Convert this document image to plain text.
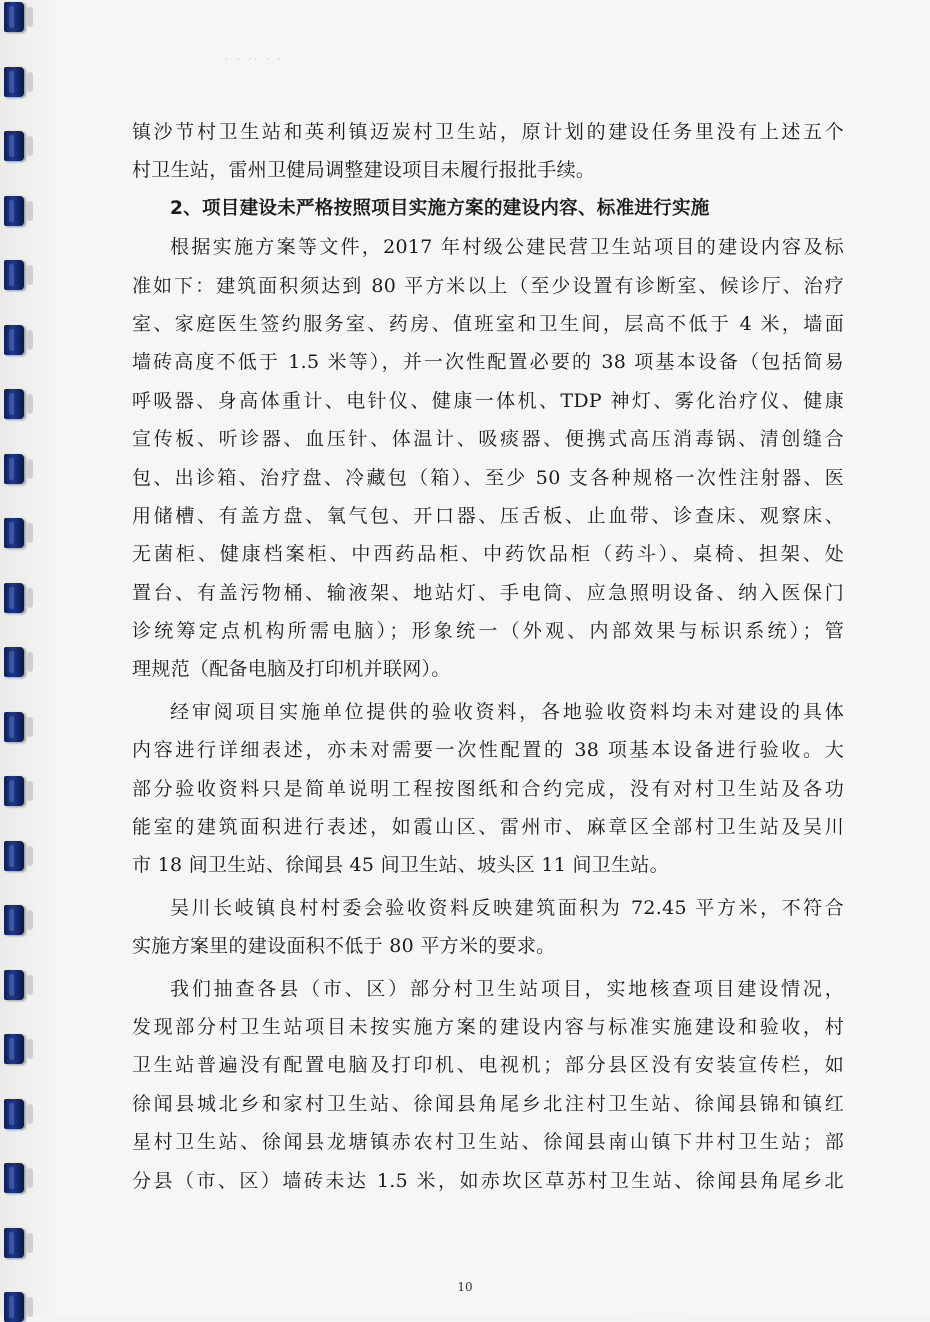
· · ·· · ·
镇沙节村卫生站和英利镇迈炭村卫生站，原计划的建设任务里没有上述五个
村卫生站，雷州卫健局调整建设项目未履行报批手续。
2、项目建设未严格按照项目实施方案的建设内容、标准进行实施
根据实施方案等文件，2017 年村级公建民营卫生站项目的建设内容及标
准如下：建筑面积须达到 80 平方米以上（至少设置有诊断室、候诊厅、治疗
室、家庭医生签约服务室、药房、值班室和卫生间，层高不低于 4 米，墙面
墙砖高度不低于 1.5 米等），并一次性配置必要的 38 项基本设备（包括简易
呼吸器、身高体重计、电针仪、健康一体机、TDP 神灯、雾化治疗仪、健康
宣传板、听诊器、血压针、体温计、吸痰器、便携式高压消毒锅、清创缝合
包、出诊箱、治疗盘、冷藏包（箱）、至少 50 支各种规格一次性注射器、医
用储槽、有盖方盘、氧气包、开口器、压舌板、止血带、诊查床、观察床、
无菌柜、健康档案柜、中西药品柜、中药饮品柜（药斗）、桌椅、担架、处
置台、有盖污物桶、输液架、地站灯、手电筒、应急照明设备、纳入医保门
诊统筹定点机构所需电脑）；形象统一（外观、内部效果与标识系统）；管
理规范（配备电脑及打印机并联网）。
经审阅项目实施单位提供的验收资料，各地验收资料均未对建设的具体
内容进行详细表述，亦未对需要一次性配置的 38 项基本设备进行验收。大
部分验收资料只是简单说明工程按图纸和合约完成，没有对村卫生站及各功
能室的建筑面积进行表述，如霞山区、雷州市、麻章区全部村卫生站及吴川
市 18 间卫生站、徐闻县 45 间卫生站、坡头区 11 间卫生站。
吴川长岐镇良村村委会验收资料反映建筑面积为 72.45 平方米，不符合
实施方案里的建设面积不低于 80 平方米的要求。
我们抽查各县（市、区）部分村卫生站项目，实地核查项目建设情况，
发现部分村卫生站项目未按实施方案的建设内容与标准实施建设和验收，村
卫生站普遍没有配置电脑及打印机、电视机；部分县区没有安装宣传栏，如
徐闻县城北乡和家村卫生站、徐闻县角尾乡北注村卫生站、徐闻县锦和镇红
星村卫生站、徐闻县龙塘镇赤农村卫生站、徐闻县南山镇下井村卫生站；部
分县（市、区）墙砖未达 1.5 米，如赤坎区草苏村卫生站、徐闻县角尾乡北
10
